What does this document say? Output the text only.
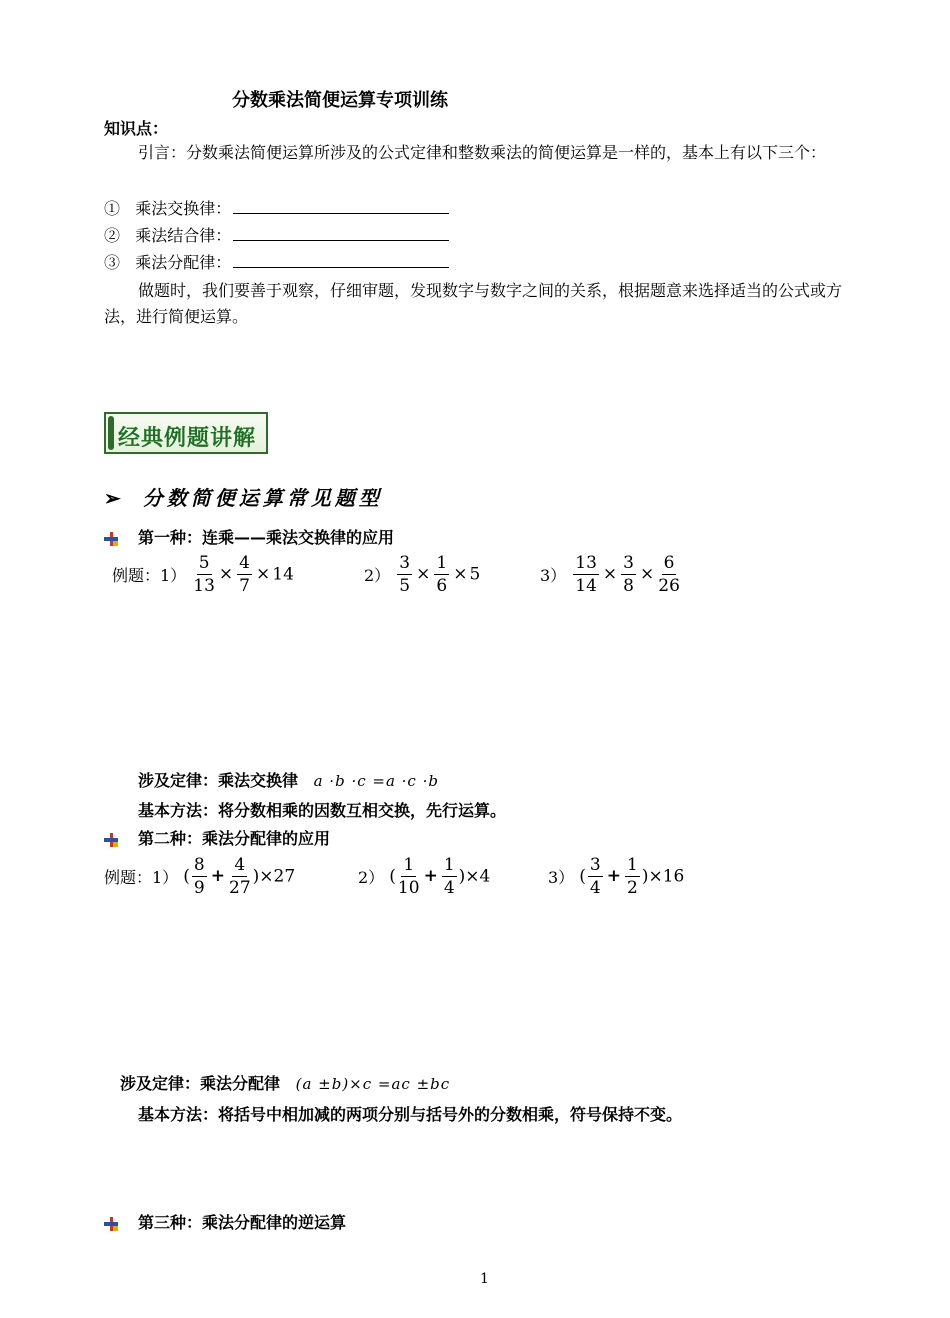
分数乘法简便运算专项训练
知识点：
引言：分数乘法简便运算所涉及的公式定律和整数乘法的简便运算是一样的，基本上有以下三个：
① 乘法交换律：
② 乘法结合律：
③ 乘法分配律：
做题时，我们要善于观察，仔细审题，发现数字与数字之间的关系，根据题意来选择适当的公式或方法，进行简便运算。
经典例题讲解
➢ 分数简便运算常见题型
第一种：连乘——乘法交换律的应用
例题：$1) \frac{5}{13} \times \frac{4}{7} \times 14$	$2) \frac{3}{5} \times \frac{1}{6} \times 5$	$3) \frac{13}{14} \times \frac{3}{8} \times \frac{6}{26}$
涉及定律：乘法交换律 a ·b ·c =a ·c ·b
基本方法：将分数相乘的因数互相交换，先行运算。
第二种：乘法分配律的应用
例题：1） ( $\frac{8}{9} + \frac{4}{27} )\times 27$	2） ( $\frac{1}{10} + \frac{1}{4} )\times 4$	3） ( $\frac{3}{4} + \frac{1}{2} )\times 16$
涉及定律：乘法分配律 (a ±b)×c =ac ±bc
基本方法：将括号中相加减的两项分别与括号外的分数相乘，符号保持不变。
第三种：乘法分配律的逆运算
1
